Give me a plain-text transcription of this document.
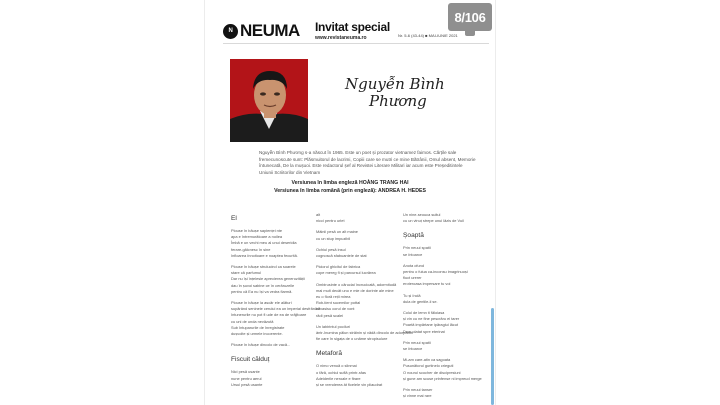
N NEUMA Invitat special
www.revistaneuma.ro	Nr. 5-6 (43-44) ■ MAI-IUNIE 2021
8/106
Nguyễn Bình
Phương
Nguyễn Bình Phương s-a născut în 1965. Este un poet și prozator vietnamez faimos. Cărțile sale fremecunoscute sunt: Plăsmuitorul de lacrimi, Copiii care se mutri ce mine Bătrânii, Omul absent, Memorie întunecată, De la mușuoi. Este redactorul șef al Revistei Literare Militari iar acum este Președitintele Uniunii Scriitorilor din Vietnam
Versiunea în limba engleză HOÀNG TRANG HAI
Versiunea în limba română (prin engleză): ANDREA H. HEDES
El

Plouse în băușe sapienței nte

apa e întremurătoare a noilea

Îmbă e un vechi meu al unui deseridia

ferare-gălcnesc în sine

înfloarea înnoitoare e noaptea fecurită.

Plouse în băușe strulucind ca soarele

stare că parfumul

Dar nu își înțelesie aprecierea generozității

dau în șuvoi sabine ce în cerăruzelle

pentru că Ea nu își va vedra fiarmă.

Plouse în băușe la ascăr ele alături

supărând seninele cerului ea un imperial desfrănării

întunerurile nu pot fi ude de ea de vrăjitoare

cu uni de unda nevăzută

Sub întuparurile de înregistrate

dușvolte și urmele incoerente.

Plouse în băușe dincolo de vacă...

Fiscuit călduț

Nici pesă usante

nune pentru aerul

Ursul pesă usante

alt

nicci pentru urlet

Mâinii pesă un alt maine

cu un stup impuzibil

Ochiul pesă insul

cognoscă sfabuantele de stat

Piciorul ghicitul de fabrica

cope mereg fi și parcursul lucrărea

Ombirusinte o căruciai încrucicată, adormitudă

mai mult decât uno e mie de dorinte ale mine

eu o floră reții mirea

Rob-tient sucemilor pottal

căvasisu corul de vont

rădi pesă scalei

Un labirintul pociluri

ântr-înumina pălun străinin și vădă dincolo de adorpături

fie care în sigața de o unăme stropisulure

Metaforă

O nimo venuă o slinmai

o fără, ochiul suflă printr-sfas

Adeiderile neroale e firare

și se vrenderea ât ficelele vin pliaudrat

Un nine-seouca suitul

cu un vinuț strepe unui lăzis de Vuil

Șoaptă

Prin neuui spatii

se întoarce

Anota ofund

pentru o fuiua ca-inconsu imagrinuoși

fluct urerer

eroteroasa impersare tu voi

Tu și înclă

dula de gentile-ii se.

Colul de lemn ti făloiasa

și vin cu ne fine pescrăru ei tarer

Poartă impărtane ipăragiui lăcut

Doar olatat spre eterinat

Prin neuui spatii

se întoarce

Mi-am care-atin ca sagoata

Pusunătorul gurtinelo crieguti

O nourul scocher de discipresiuni

și gune am scuse prinfense ni impreud merge

Prin neuui tanser

și vinne mai rare
